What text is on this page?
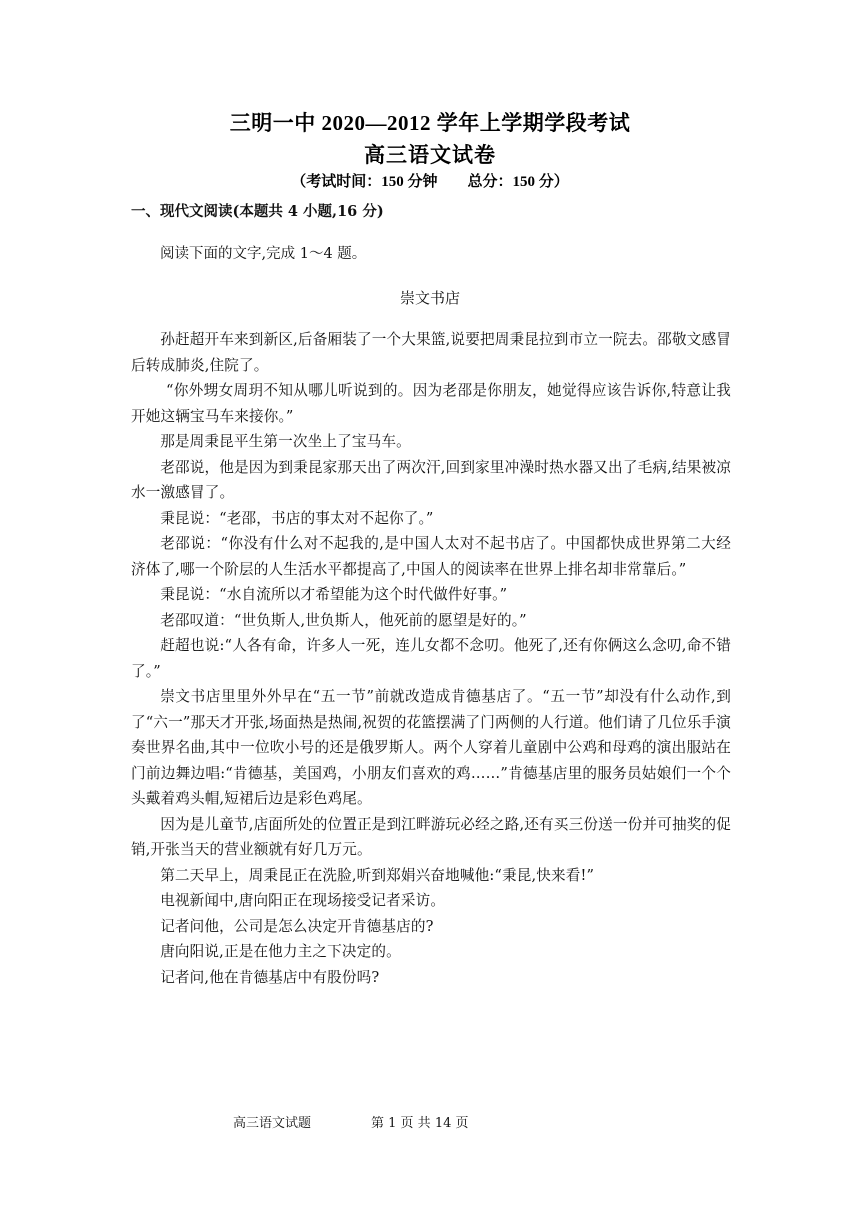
三明一中 2020—2012 学年上学期学段考试
高三语文试卷
（考试时间：150 分钟　　总分：150 分）
一、现代文阅读(本题共 4 小题,16 分)
阅读下面的文字,完成 1～4 题。
崇文书店

孙赶超开车来到新区,后备厢装了一个大果篮,说要把周秉昆拉到市立一院去。邵敬文感冒后转成肺炎,住院了。

“你外甥女周玥不知从哪儿听说到的。因为老邵是你朋友，她觉得应该告诉你,特意让我开她这辆宝马车来接你。”

那是周秉昆平生第一次坐上了宝马车。

老邵说，他是因为到秉昆家那天出了两次汗,回到家里冲澡时热水器又出了毛病,结果被凉水一激感冒了。

秉昆说：“老邵，书店的事太对不起你了。”

老邵说：“你没有什么对不起我的,是中国人太对不起书店了。中国都快成世界第二大经济体了,哪一个阶层的人生活水平都提高了,中国人的阅读率在世界上排名却非常靠后。”

秉昆说：“水自流所以才希望能为这个时代做件好事。”

老邵叹道：“世负斯人,世负斯人，他死前的愿望是好的。”

赶超也说:“人各有命，许多人一死，连儿女都不念叨。他死了,还有你俩这么念叨,命不错了。”

崇文书店里里外外早在“五一节”前就改造成肯德基店了。“五一节”却没有什么动作,到了“六一”那天才开张,场面热是热闹,祝贺的花篮摆满了门两侧的人行道。他们请了几位乐手演奏世界名曲,其中一位吹小号的还是俄罗斯人。两个人穿着儿童剧中公鸡和母鸡的演出服站在门前边舞边唱:“肯德基，美国鸡，小朋友们喜欢的鸡……”肯德基店里的服务员姑娘们一个个头戴着鸡头帽,短裙后边是彩色鸡尾。

因为是儿童节,店面所处的位置正是到江畔游玩必经之路,还有买三份送一份并可抽奖的促销,开张当天的营业额就有好几万元。

第二天早上，周秉昆正在洗脸,听到郑娟兴奋地喊他:“秉昆,快来看!”

电视新闻中,唐向阳正在现场接受记者采访。

记者问他，公司是怎么决定开肯德基店的?

唐向阳说,正是在他力主之下决定的。

记者问,他在肯德基店中有股份吗?

高三语文试题	第 1 页 共 14 页
